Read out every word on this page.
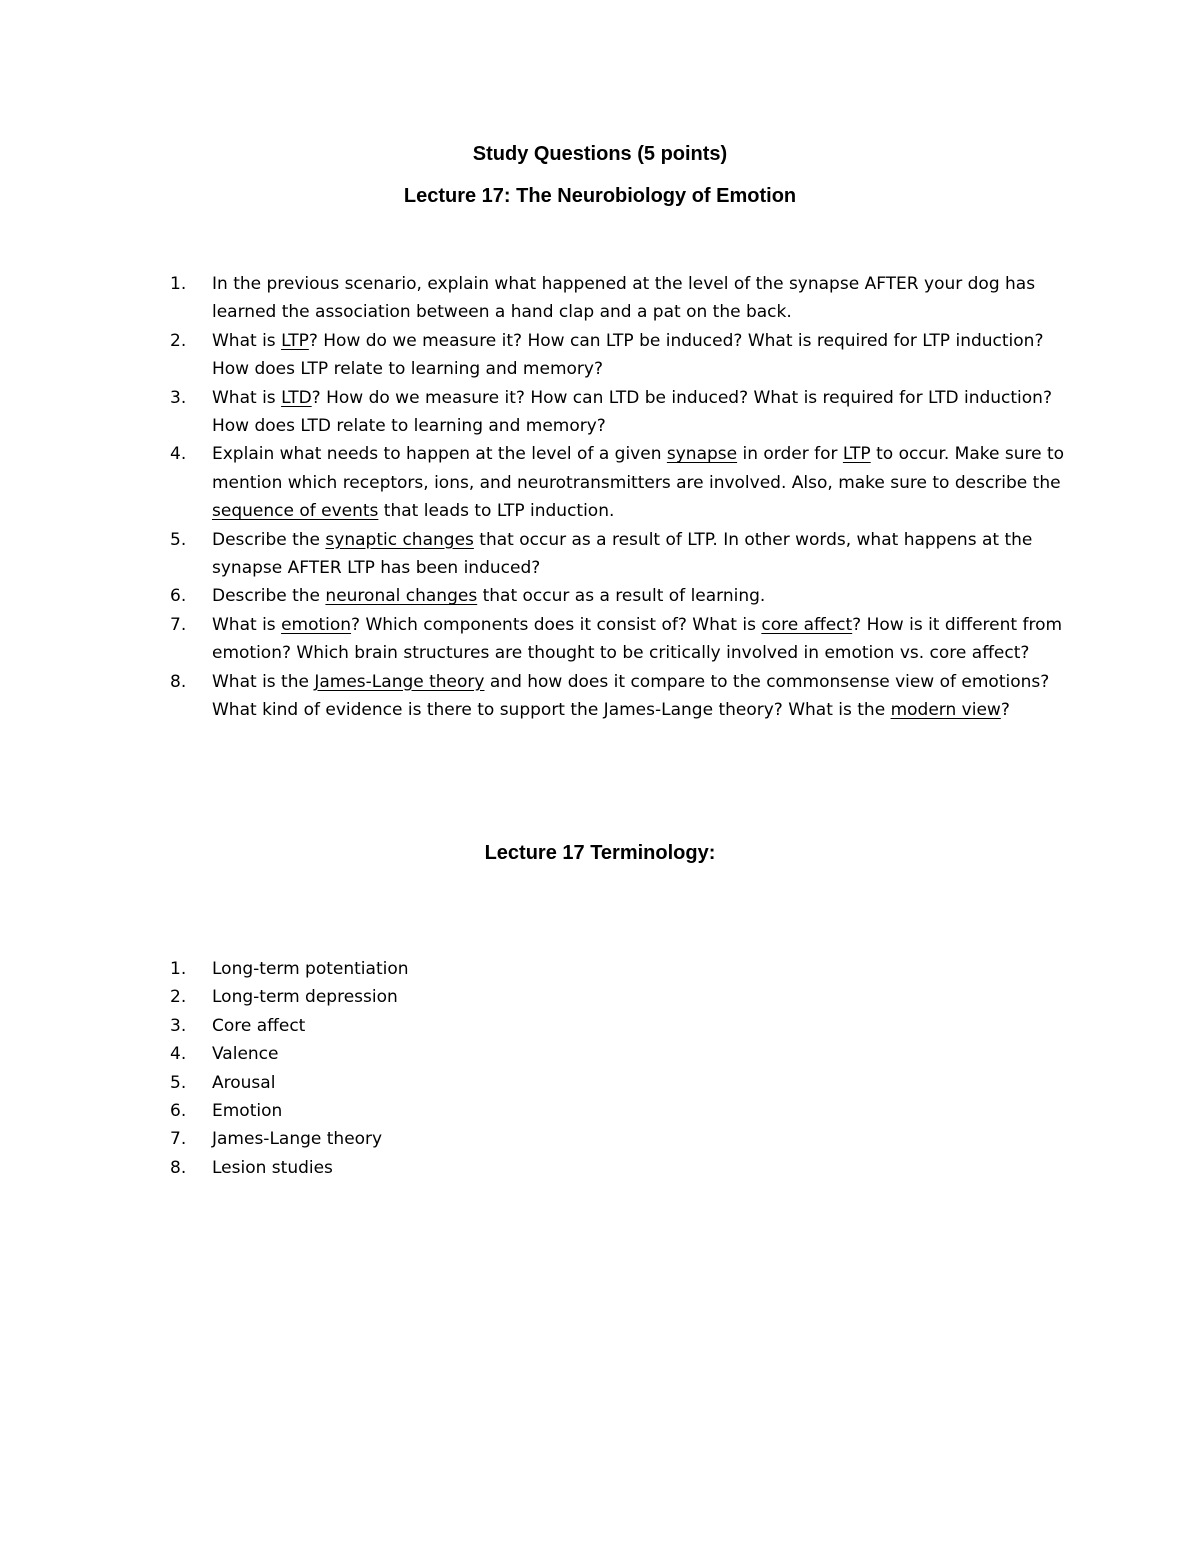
Study Questions (5 points)
Lecture 17: The Neurobiology of Emotion
1.	In the previous scenario, explain what happened at the level of the synapse AFTER your dog has learned the association between a hand clap and a pat on the back.
2.	What is LTP? How do we measure it? How can LTP be induced? What is required for LTP induction? How does LTP relate to learning and memory?
3.	What is LTD? How do we measure it? How can LTD be induced? What is required for LTD induction? How does LTD relate to learning and memory?
4.	Explain what needs to happen at the level of a given synapse in order for LTP to occur. Make sure to mention which receptors, ions, and neurotransmitters are involved. Also, make sure to describe the sequence of events that leads to LTP induction.
5.	Describe the synaptic changes that occur as a result of LTP. In other words, what happens at the synapse AFTER LTP has been induced?
6.	Describe the neuronal changes that occur as a result of learning.
7.	What is emotion? Which components does it consist of? What is core affect? How is it different from emotion? Which brain structures are thought to be critically involved in emotion vs. core affect?
8.	What is the James-Lange theory and how does it compare to the commonsense view of emotions? What kind of evidence is there to support the James-Lange theory? What is the modern view?
Lecture 17 Terminology:
1.	Long-term potentiation
2.	Long-term depression
3.	Core affect
4.	Valence
5.	Arousal
6.	Emotion
7.	James-Lange theory
8.	Lesion studies
